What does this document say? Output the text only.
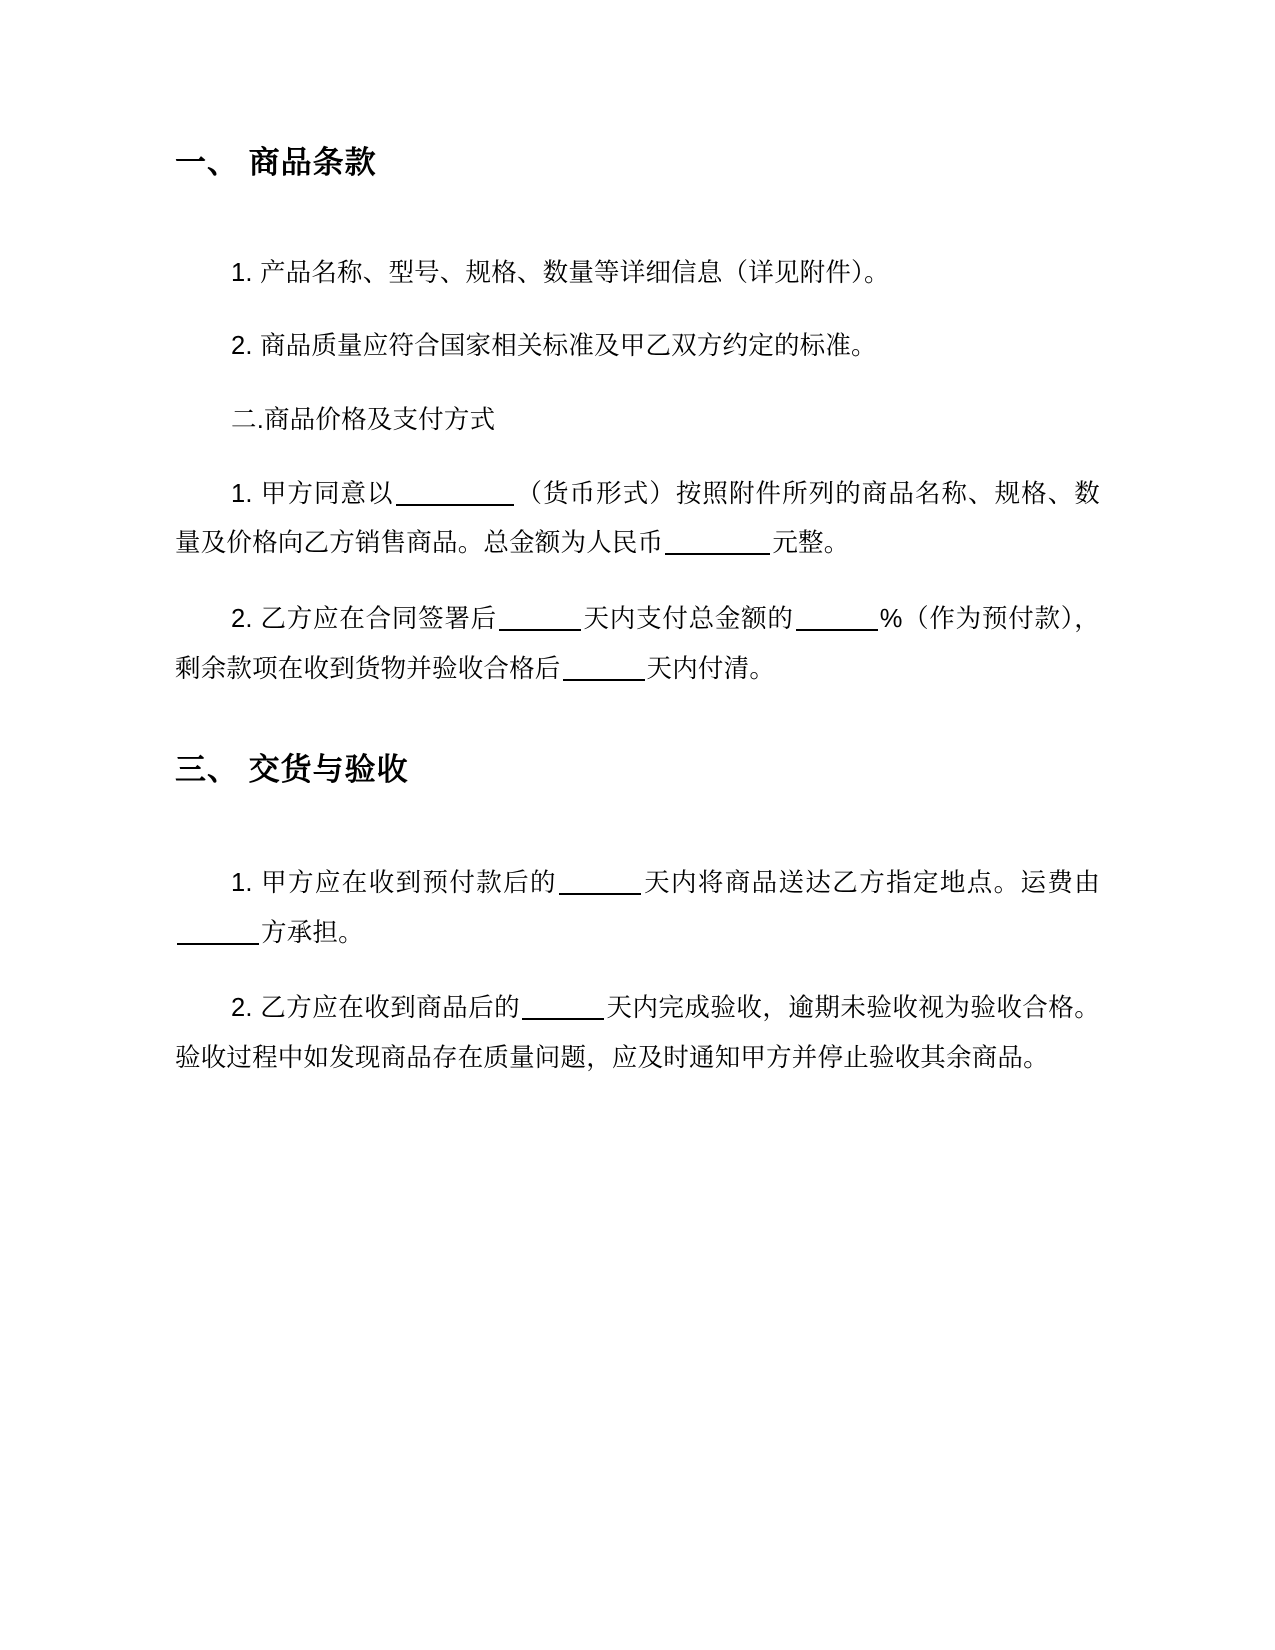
一、 商品条款

1. 产品名称、型号、规格、数量等详细信息（详见附件）。

2. 商品质量应符合国家相关标准及甲乙双方约定的标准。

二.商品价格及支付方式

1. 甲方同意以	（货币形式）按照附件所列的商品名称、规格、数量及价格向乙方销售商品。总金额为人民币	元整。

2. 乙方应在合同签署后	天内支付总金额的	%（作为预付款），剩余款项在收到货物并验收合格后	天内付清。

三、 交货与验收

1. 甲方应在收到预付款后的	天内将商品送达乙方指定地点。运费由方承担。

2. 乙方应在收到商品后的	天内完成验收，逾期未验收视为验收合格。验收过程中如发现商品存在质量问题，应及时通知甲方并停止验收其余商品。
